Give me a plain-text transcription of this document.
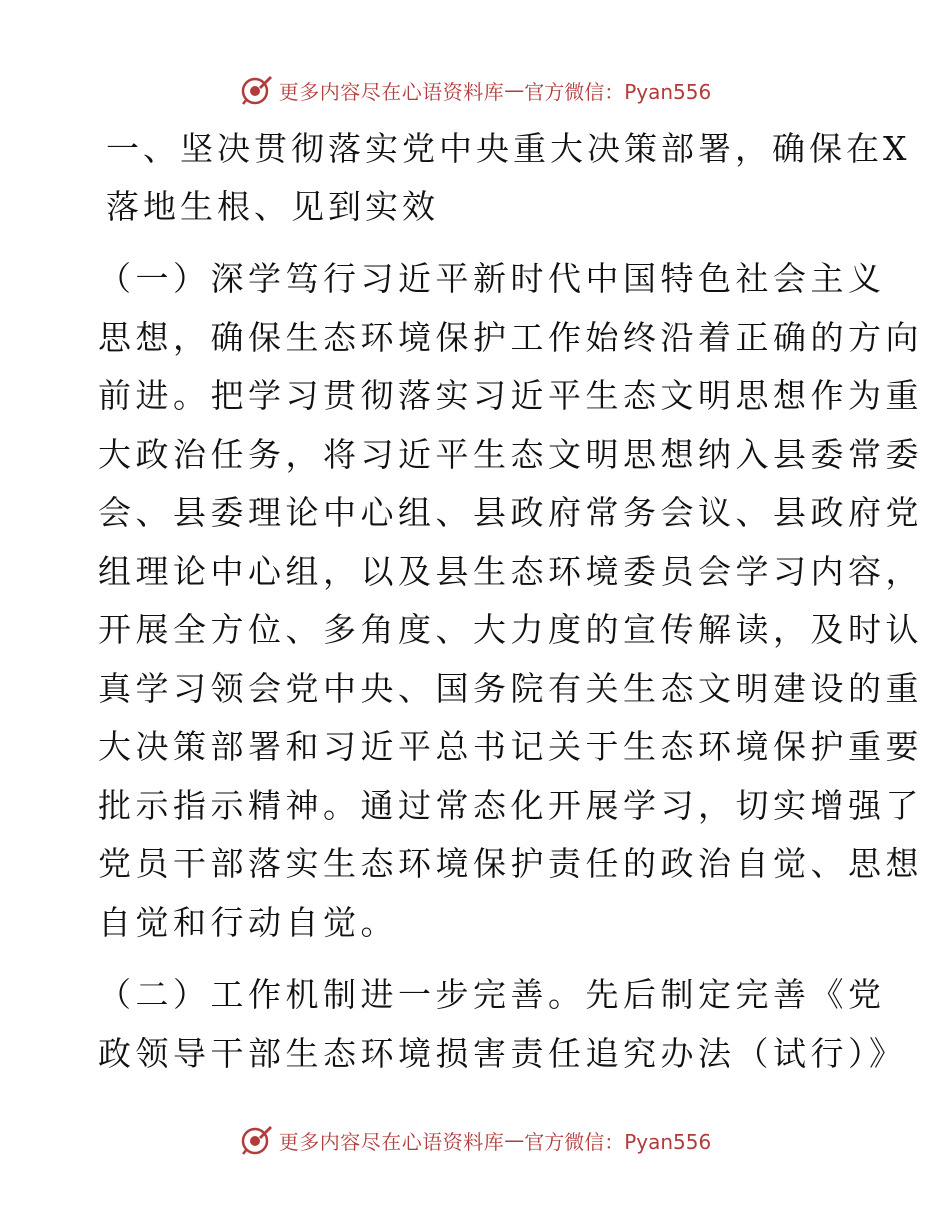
更多内容尽在心语资料库 — 官方微信：Pyan556
一、坚决贯彻落实党中央重大决策部署，确保在X
落地生根、见到实效
（一）深学笃行习近平新时代中国特色社会主义
思想，确保生态环境保护工作始终沿着正确的方向
前进。把学习贯彻落实习近平生态文明思想作为重
大政治任务，将习近平生态文明思想纳入县委常委
会、县委理论中心组、县政府常务会议、县政府党
组理论中心组，以及县生态环境委员会学习内容，
开展全方位、多角度、大力度的宣传解读，及时认
真学习领会党中央、国务院有关生态文明建设的重
大决策部署和习近平总书记关于生态环境保护重要
批示指示精神。通过常态化开展学习，切实增强了
党员干部落实生态环境保护责任的政治自觉、思想
自觉和行动自觉。
（二）工作机制进一步完善。先后制定完善《党
政领导干部生态环境损害责任追究办法（试行）》
更多内容尽在心语资料库 — 官方微信：Pyan556
